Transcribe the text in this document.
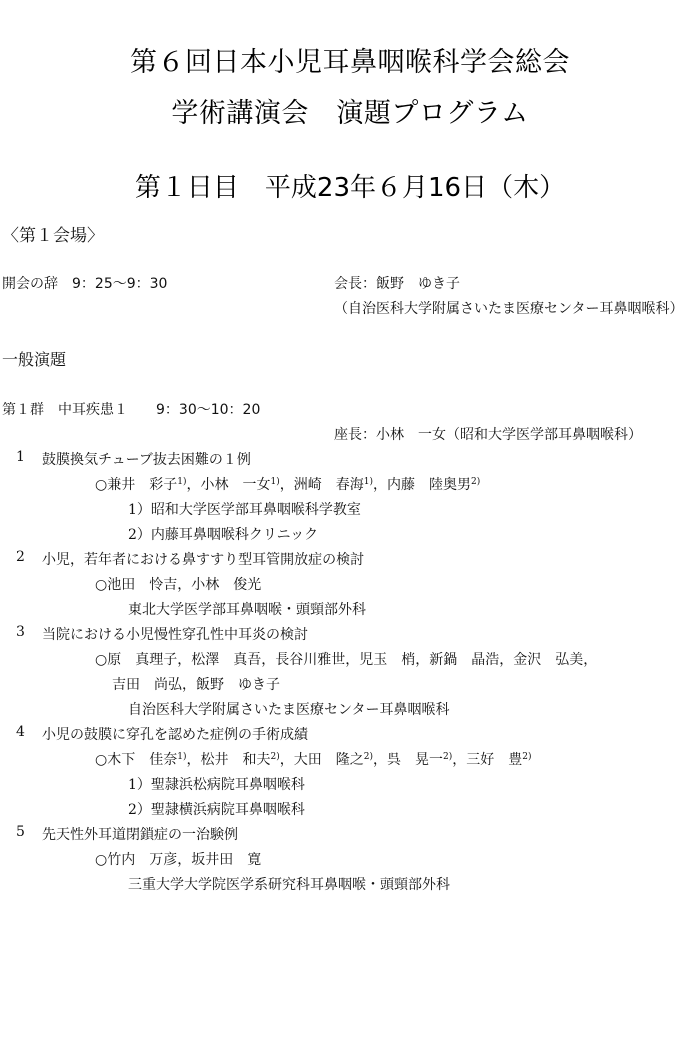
第６回日本小児耳鼻咽喉科学会総会
学術講演会　演題プログラム
第１日目　平成23年６月16日（木）
〈第１会場〉
開会の辞　9：25～9：30	会長：飯野　ゆき子
（自治医科大学附属さいたま医療センター耳鼻咽喉科）
一般演題
第１群　中耳疾患１　　9：30～10：20
座長：小林　一女（昭和大学医学部耳鼻咽喉科）
1 鼓膜換気チューブ抜去困難の１例
○兼井　彩子$^{1)}$，小林　一女$^{1)}$，洲崎　春海$^{1)}$，内藤　陸奥男$^{2)}$
1）昭和大学医学部耳鼻咽喉科学教室
2）内藤耳鼻咽喉科クリニック
2 小児，若年者における鼻すすり型耳管開放症の検討
○池田　怜吉，小林　俊光
東北大学医学部耳鼻咽喉・頭頸部外科
3 当院における小児慢性穿孔性中耳炎の検討
○原　真理子，松澤　真吾，長谷川雅世，児玉　梢，新鍋　晶浩，金沢　弘美，
吉田　尚弘，飯野　ゆき子
自治医科大学附属さいたま医療センター耳鼻咽喉科
4 小児の鼓膜に穿孔を認めた症例の手術成績
○木下　佳奈$^{1)}$，松井　和夫$^{2)}$，大田　隆之$^{2)}$，呉　晃一$^{2)}$，三好　豊$^{2)}$
1）聖隷浜松病院耳鼻咽喉科
2）聖隷横浜病院耳鼻咽喉科
5 先天性外耳道閉鎖症の一治験例
○竹内　万彦，坂井田　寛
三重大学大学院医学系研究科耳鼻咽喉・頭頸部外科
